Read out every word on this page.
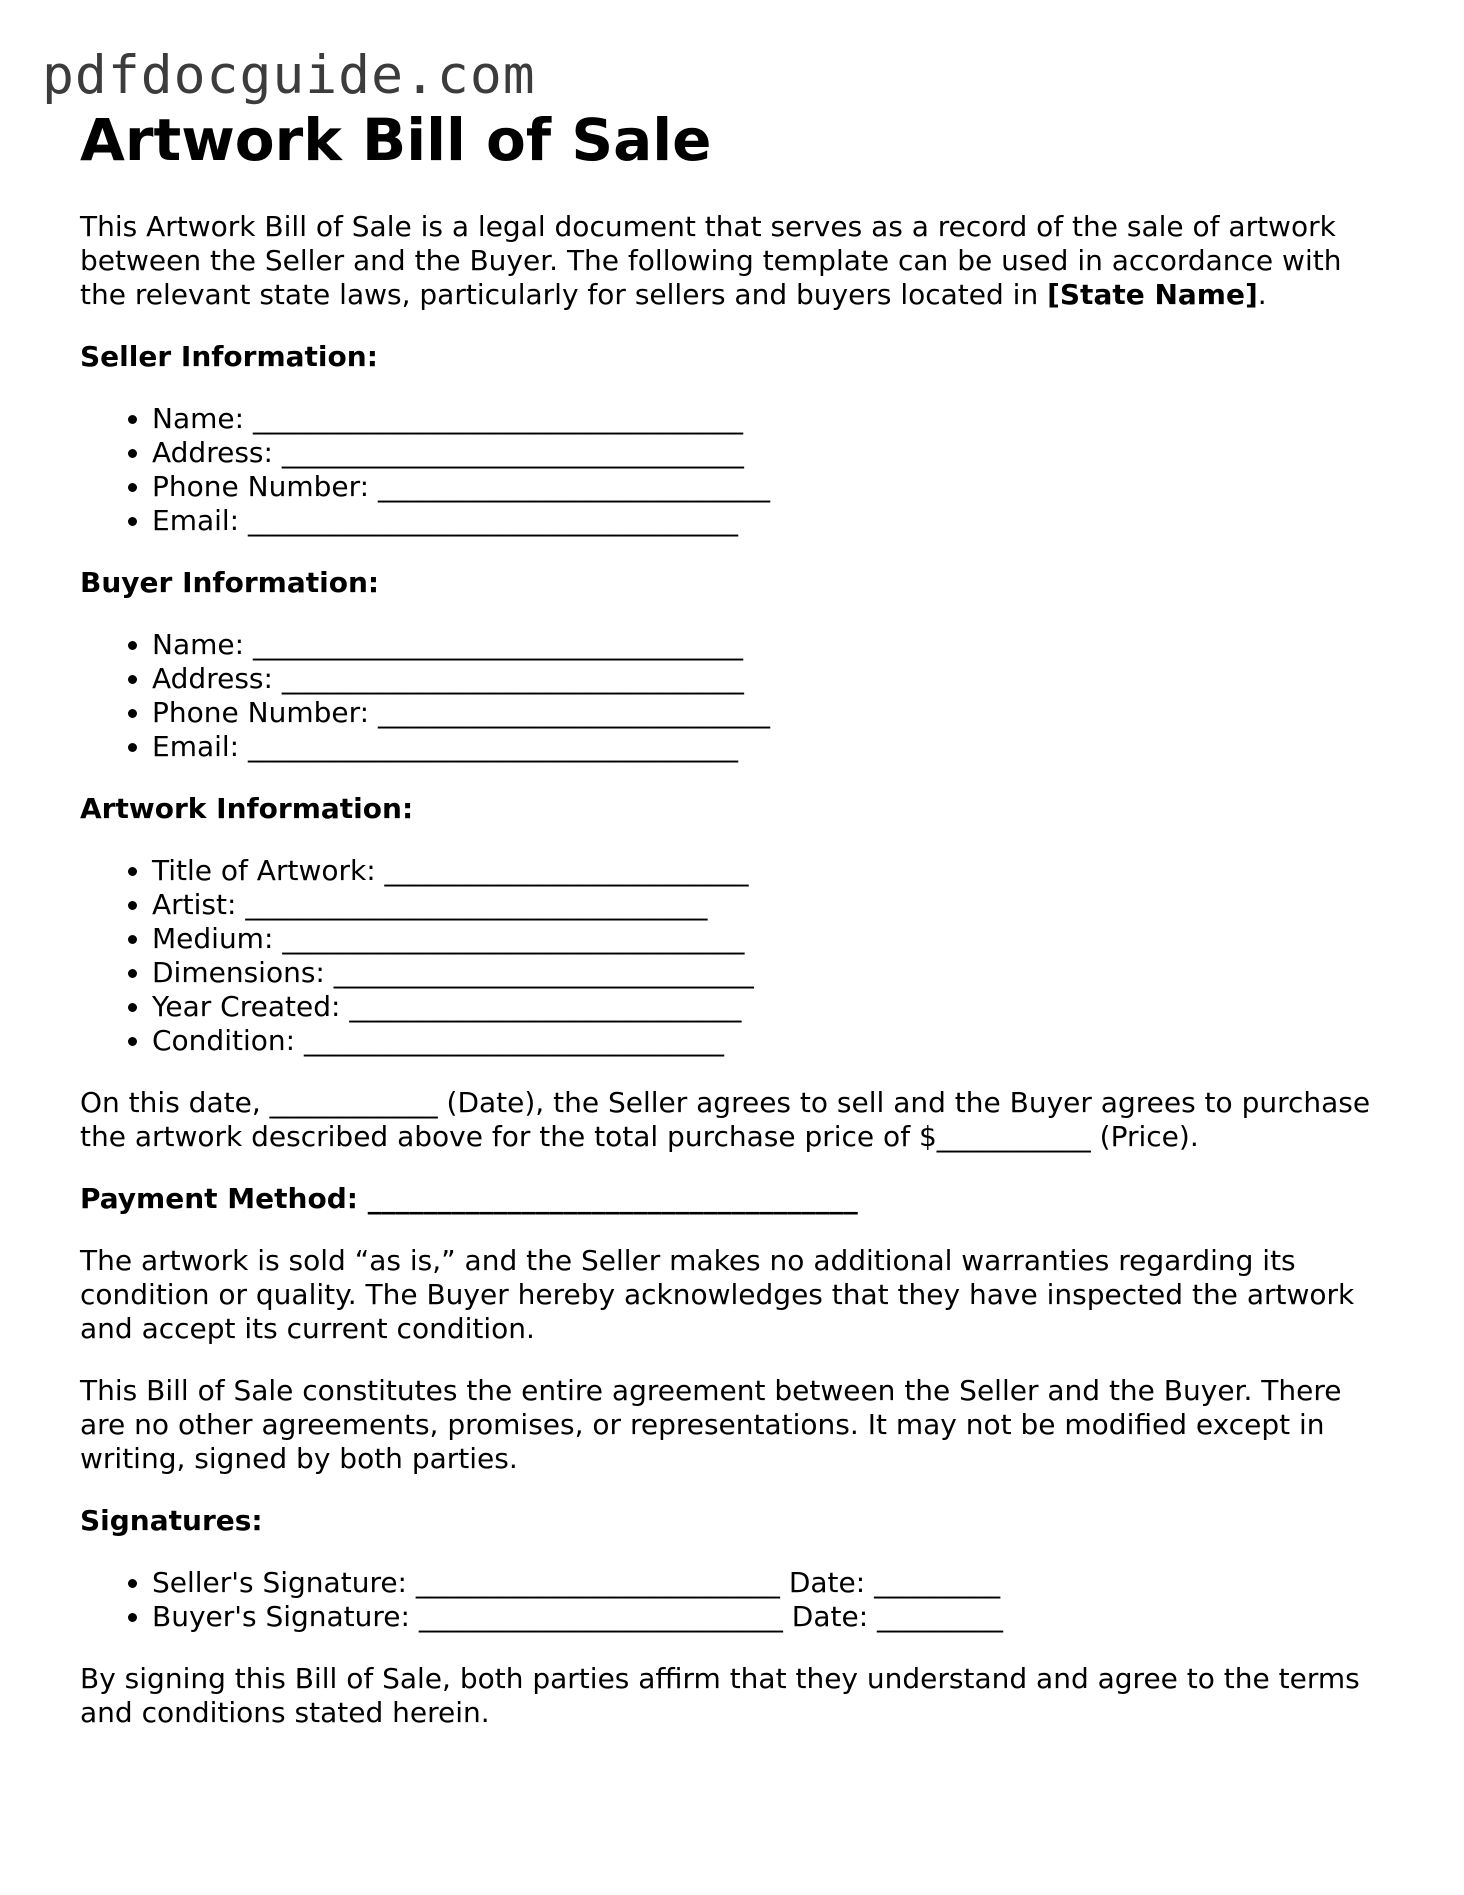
pdfdocguide.com
Artwork Bill of Sale

This Artwork Bill of Sale is a legal document that serves as a record of the sale of artwork between the Seller and the Buyer. The following template can be used in accordance with the relevant state laws, particularly for sellers and buyers located in [State Name].

Seller Information:

• Name: ___________________________________
• Address: _________________________________
• Phone Number: ____________________________
• Email: ___________________________________

Buyer Information:

• Name: ___________________________________
• Address: _________________________________
• Phone Number: ____________________________
• Email: ___________________________________

Artwork Information:

• Title of Artwork: __________________________
• Artist: _________________________________
• Medium: _________________________________
• Dimensions: ______________________________
• Year Created: ____________________________
• Condition: ______________________________

On this date, ____________ (Date), the Seller agrees to sell and the Buyer agrees to purchase the artwork described above for the total purchase price of $___________ (Price).

Payment Method: ___________________________________

The artwork is sold “as is,” and the Seller makes no additional warranties regarding its condition or quality. The Buyer hereby acknowledges that they have inspected the artwork and accept its current condition.

This Bill of Sale constitutes the entire agreement between the Seller and the Buyer. There are no other agreements, promises, or representations. It may not be modified except in writing, signed by both parties.

Signatures:

• Seller's Signature: __________________________ Date: _________
• Buyer's Signature: __________________________ Date: _________

By signing this Bill of Sale, both parties affirm that they understand and agree to the terms and conditions stated herein.
